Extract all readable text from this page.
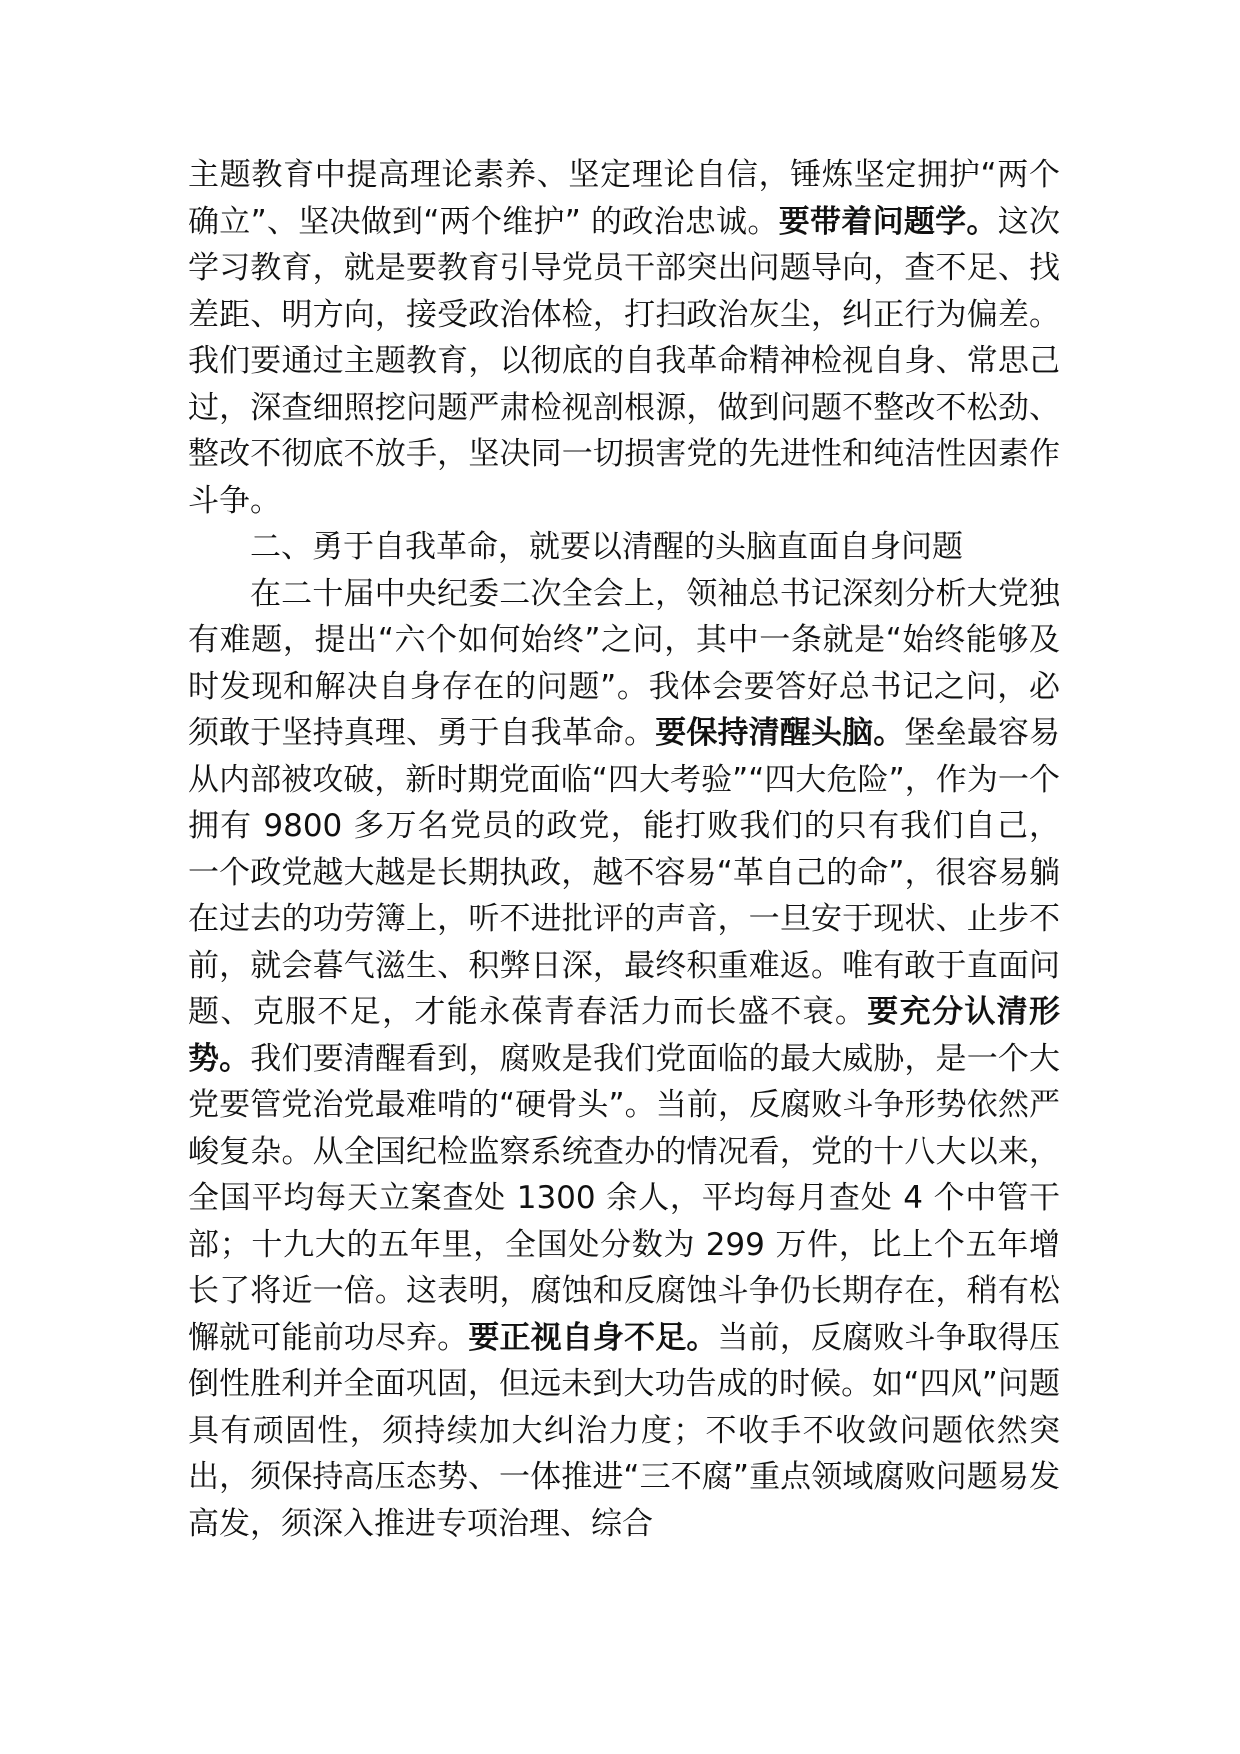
主题教育中提高理论素养、坚定理论自信，锤炼坚定拥护“两个确立”、坚决做到“两个维护” 的政治忠诚。要带着问题学。这次学习教育，就是要教育引导党员干部突出问题导向，查不足、找差距、明方向，接受政治体检，打扫政治灰尘，纠正行为偏差。我们要通过主题教育，以彻底的自我革命精神检视自身、常思己过，深查细照挖问题严肃检视剖根源，做到问题不整改不松劲、整改不彻底不放手，坚决同一切损害党的先进性和纯洁性因素作斗争。

二、勇于自我革命，就要以清醒的头脑直面自身问题

在二十届中央纪委二次全会上，领袖总书记深刻分析大党独有难题，提出“六个如何始终”之问，其中一条就是“始终能够及时发现和解决自身存在的问题”。我体会要答好总书记之问，必须敢于坚持真理、勇于自我革命。要保持清醒头脑。堡垒最容易从内部被攻破，新时期党面临“四大考验”“四大危险”，作为一个拥有 9800 多万名党员的政党，能打败我们的只有我们自己，一个政党越大越是长期执政，越不容易“革自己的命”，很容易躺在过去的功劳簿上，听不进批评的声音，一旦安于现状、止步不前，就会暮气滋生、积弊日深，最终积重难返。唯有敢于直面问题、克服不足，才能永葆青春活力而长盛不衰。要充分认清形势。我们要清醒看到，腐败是我们党面临的最大威胁，是一个大党要管党治党最难啃的“硬骨头”。当前，反腐败斗争形势依然严峻复杂。从全国纪检监察系统查办的情况看，党的十八大以来，全国平均每天立案查处 1300 余人，平均每月查处 4 个中管干部；十九大的五年里，全国处分数为 299 万件，比上个五年增长了将近一倍。这表明，腐蚀和反腐蚀斗争仍长期存在，稍有松懈就可能前功尽弃。要正视自身不足。当前，反腐败斗争取得压倒性胜利并全面巩固，但远未到大功告成的时候。如“四风”问题具有顽固性，须持续加大纠治力度；不收手不收敛问题依然突出，须保持高压态势、一体推进“三不腐”重点领域腐败问题易发高发，须深入推进专项治理、综合
